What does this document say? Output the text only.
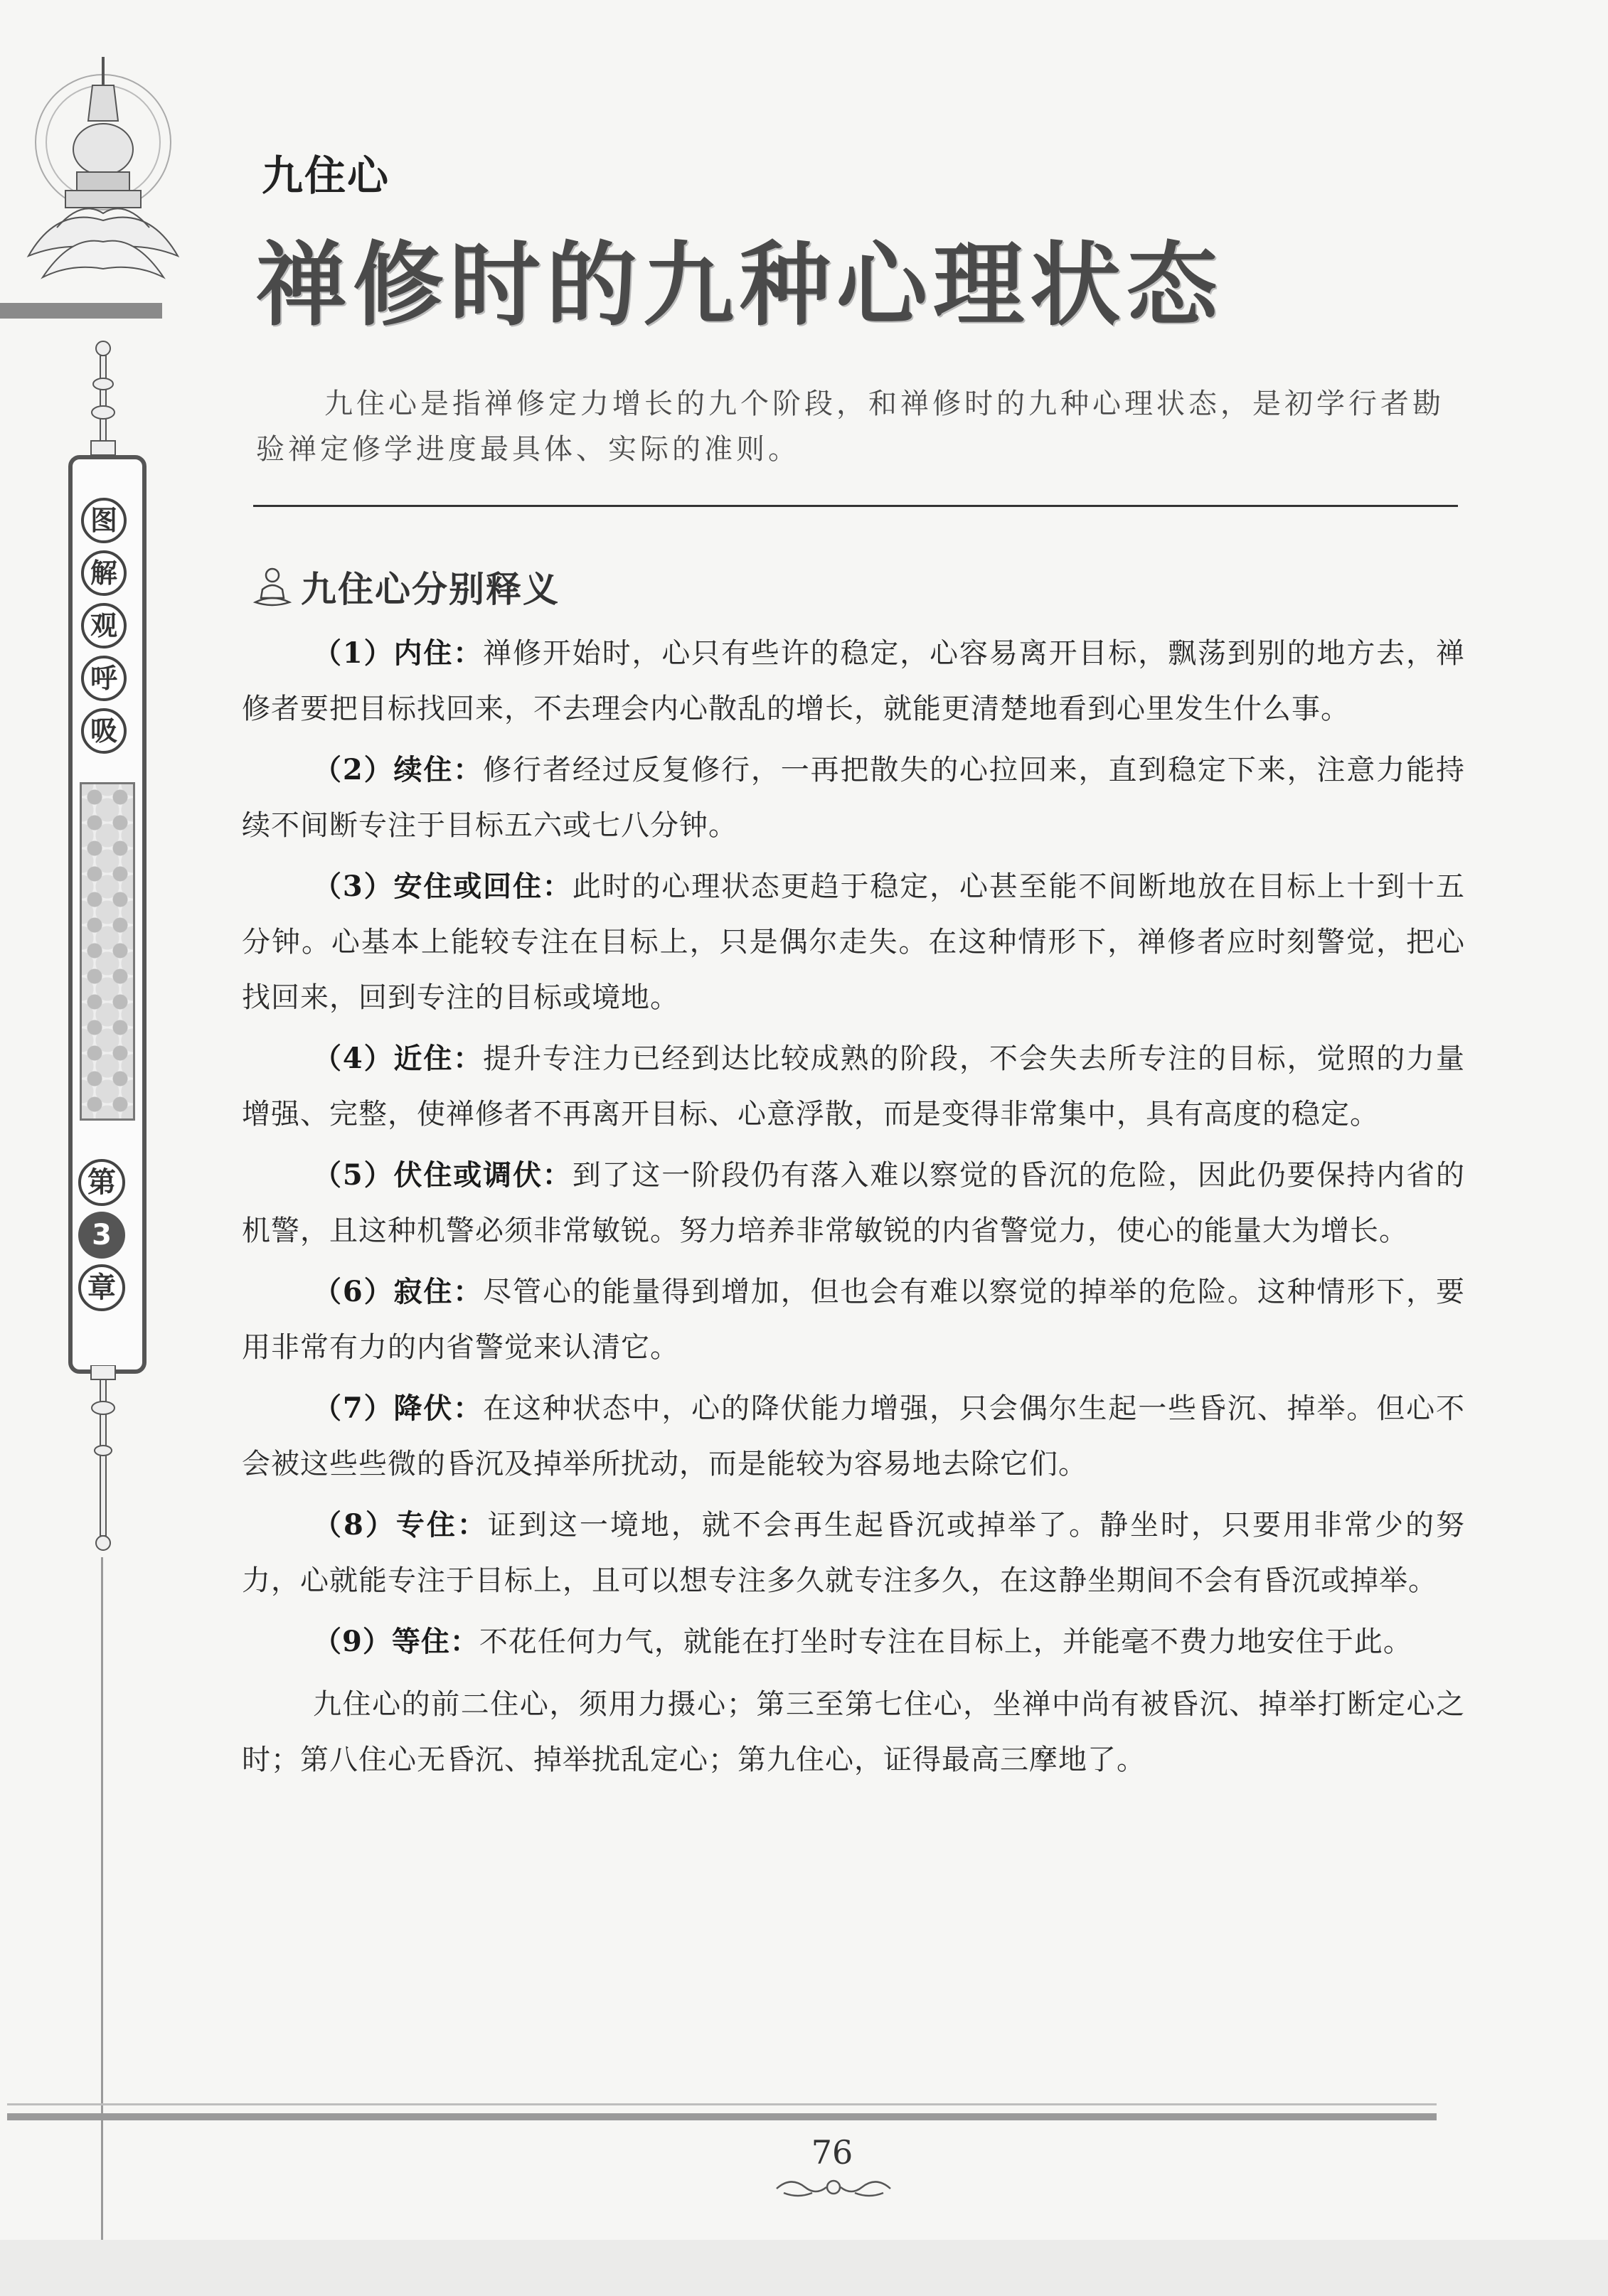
图
解
观
呼
吸
第
3
章
九住心
禅修时的九种心理状态

九住心是指禅修定力增长的九个阶段，和禅修时的九种心理状态，是初学行者勘验禅定修学进度最具体、实际的准则。

九住心分别释义

（1）内住：禅修开始时，心只有些许的稳定，心容易离开目标，飘荡到别的地方去，禅修者要把目标找回来，不去理会内心散乱的增长，就能更清楚地看到心里发生什么事。

（2）续住：修行者经过反复修行，一再把散失的心拉回来，直到稳定下来，注意力能持续不间断专注于目标五六或七八分钟。

（3）安住或回住：此时的心理状态更趋于稳定，心甚至能不间断地放在目标上十到十五分钟。心基本上能较专注在目标上，只是偶尔走失。在这种情形下，禅修者应时刻警觉，把心找回来，回到专注的目标或境地。

（4）近住：提升专注力已经到达比较成熟的阶段，不会失去所专注的目标，觉照的力量增强、完整，使禅修者不再离开目标、心意浮散，而是变得非常集中，具有高度的稳定。

（5）伏住或调伏：到了这一阶段仍有落入难以察觉的昏沉的危险，因此仍要保持内省的机警，且这种机警必须非常敏锐。努力培养非常敏锐的内省警觉力，使心的能量大为增长。

（6）寂住：尽管心的能量得到增加，但也会有难以察觉的掉举的危险。这种情形下，要用非常有力的内省警觉来认清它。

（7）降伏：在这种状态中，心的降伏能力增强，只会偶尔生起一些昏沉、掉举。但心不会被这些些微的昏沉及掉举所扰动，而是能较为容易地去除它们。

（8）专住：证到这一境地，就不会再生起昏沉或掉举了。静坐时，只要用非常少的努力，心就能专注于目标上，且可以想专注多久就专注多久，在这静坐期间不会有昏沉或掉举。

（9）等住：不花任何力气，就能在打坐时专注在目标上，并能毫不费力地安住于此。

九住心的前二住心，须用力摄心；第三至第七住心，坐禅中尚有被昏沉、掉举打断定心之时；第八住心无昏沉、掉举扰乱定心；第九住心，证得最高三摩地了。

76
